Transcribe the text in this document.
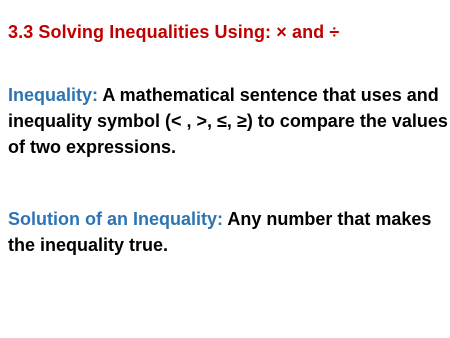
3.3 Solving Inequalities Using: × and ÷
Inequality: A mathematical sentence that uses and inequality symbol (< , >, ≤, ≥) to compare the values of two expressions.
Solution of an Inequality: Any number that makes the inequality true.
